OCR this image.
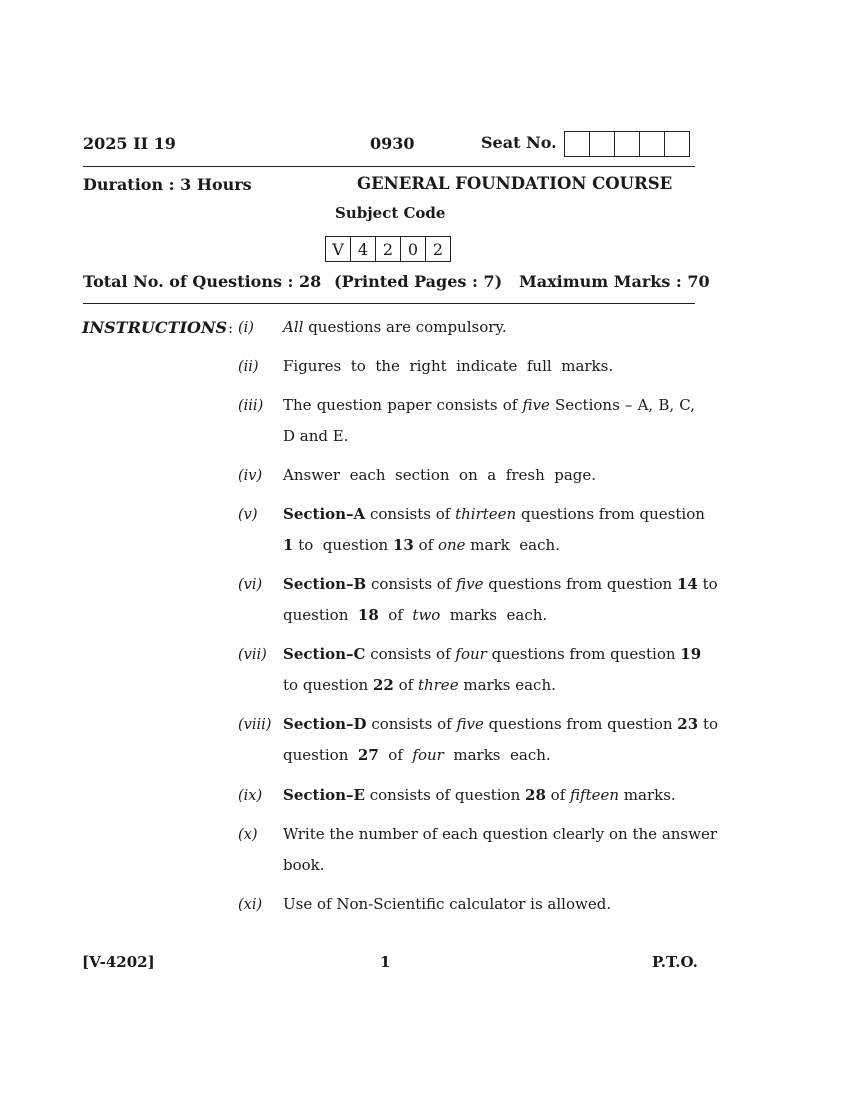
2025 II 19	0930	Seat No.
Duration : 3 Hours	GENERAL FOUNDATION COURSE
Subject Code
V 4 2 0 2
Total No. of Questions : 28 (Printed Pages : 7) Maximum Marks : 70
INSTRUCTIONS : (i) All questions are compulsory.
(ii) Figures  to  the  right  indicate  full  marks.
(iii) The question paper consists of five Sections – A, B, C,
D and E.
(iv) Answer  each  section  on  a  fresh  page.
(v) Section–A consists of thirteen questions from question
1 to  question 13 of one mark  each.
(vi) Section–B consists of five questions from question 14 to
question  18  of  two  marks  each.
(vii) Section–C consists of four questions from question 19
to question 22 of three marks each.
(viii) Section–D consists of five questions from question 23 to
question  27  of  four  marks  each.
(ix) Section–E consists of question 28 of fifteen marks.
(x) Write the number of each question clearly on the answer
book.
(xi) Use of Non-Scientific calculator is allowed.
[V-4202]	1	P.T.O.
